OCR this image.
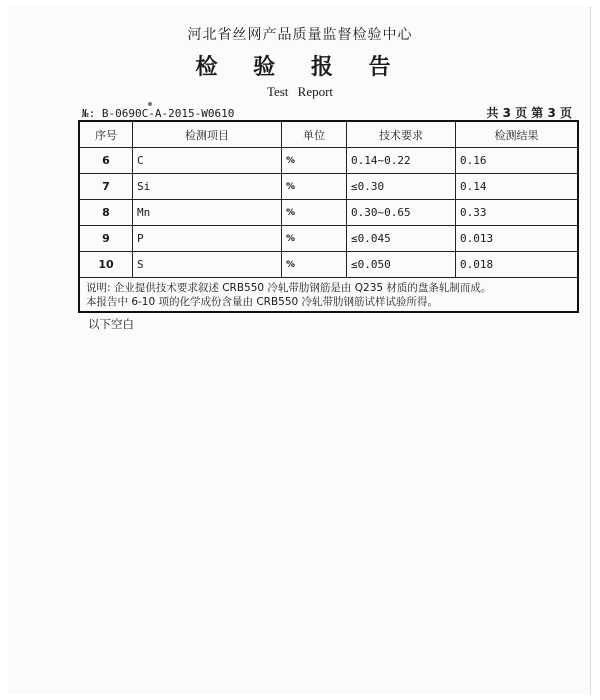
河北省丝网产品质量监督检验中心
检 验 报 告
Test Report
№: B-0690C-A-2015-W0610	共 3 页 第 3 页
序号	检测项目	单位	技术要求	检测结果
6	C	%	0.14~0.22	0.16
7	Si	%	≤0.30	0.14
8	Mn	%	0.30~0.65	0.33
9	P	%	≤0.045	0.013
10	S	%	≤0.050	0.018

说明: 企业提供技术要求叙述 CRB550 冷轧带肋钢筋是由 Q235 材质的盘条轧制而成。
本报告中 6-10 项的化学成份含量由 CRB550 冷轧带肋钢筋试样试验所得。				
以下空白
